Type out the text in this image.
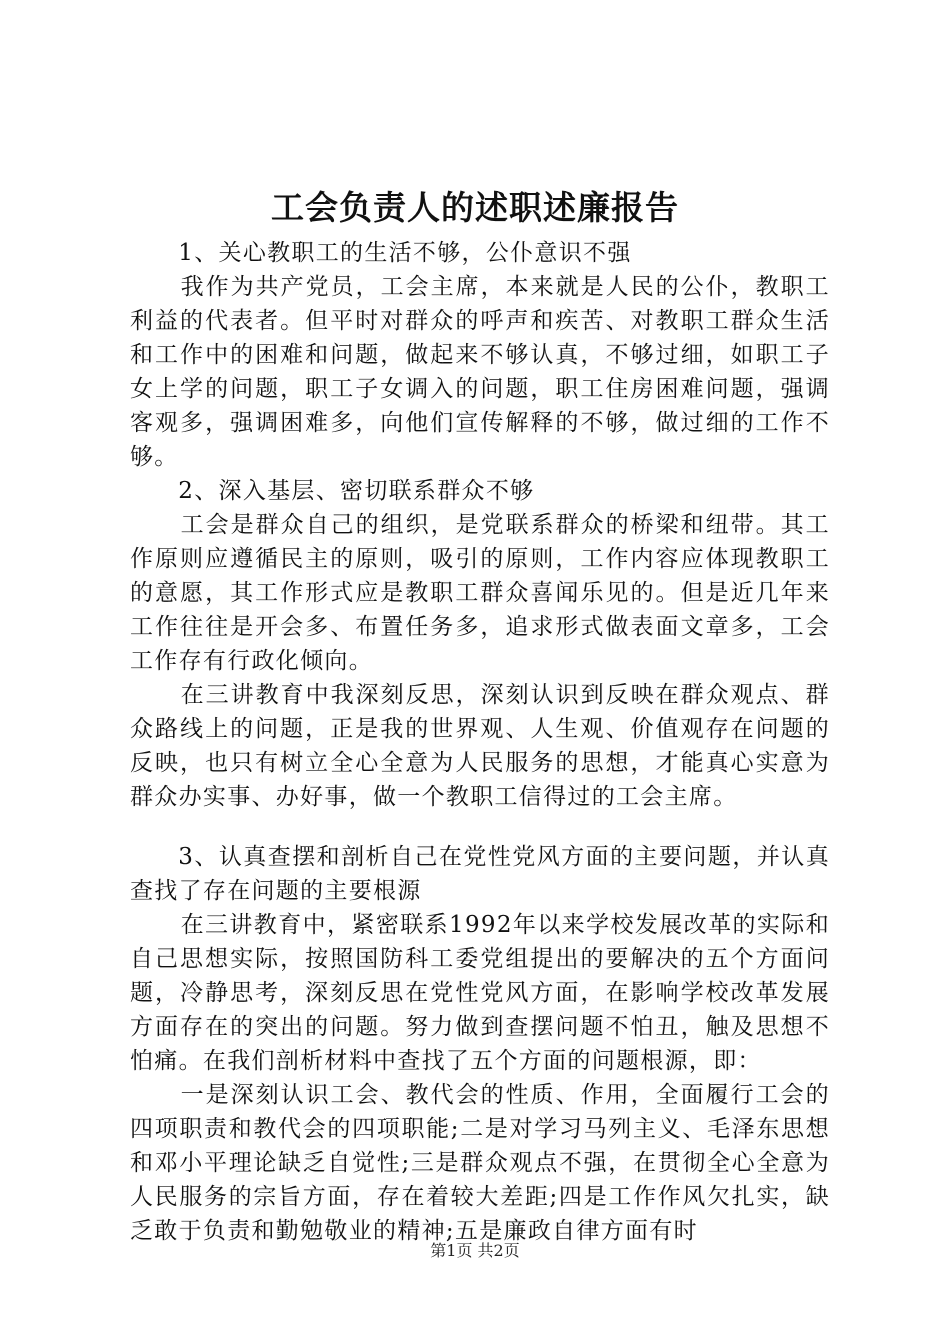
工会负责人的述职述廉报告

1、关心教职工的生活不够，公仆意识不强

我作为共产党员，工会主席，本来就是人民的公仆，教职工利益的代表者。但平时对群众的呼声和疾苦、对教职工群众生活和工作中的困难和问题，做起来不够认真，不够过细，如职工子女上学的问题，职工子女调入的问题，职工住房困难问题，强调客观多，强调困难多，向他们宣传解释的不够，做过细的工作不够。

2、深入基层、密切联系群众不够

工会是群众自己的组织，是党联系群众的桥梁和纽带。其工作原则应遵循民主的原则，吸引的原则，工作内容应体现教职工的意愿，其工作形式应是教职工群众喜闻乐见的。但是近几年来工作往往是开会多、布置任务多，追求形式做表面文章多，工会工作存有行政化倾向。

在三讲教育中我深刻反思，深刻认识到反映在群众观点、群众路线上的问题，正是我的世界观、人生观、价值观存在问题的反映，也只有树立全心全意为人民服务的思想，才能真心实意为群众办实事、办好事，做一个教职工信得过的工会主席。

3、认真查摆和剖析自己在党性党风方面的主要问题，并认真查找了存在问题的主要根源

在三讲教育中，紧密联系1992年以来学校发展改革的实际和自己思想实际，按照国防科工委党组提出的要解决的五个方面问题，冷静思考，深刻反思在党性党风方面，在影响学校改革发展方面存在的突出的问题。努力做到查摆问题不怕丑，触及思想不怕痛。在我们剖析材料中查找了五个方面的问题根源，即：

一是深刻认识工会、教代会的性质、作用，全面履行工会的四项职责和教代会的四项职能;二是对学习马列主义、毛泽东思想和邓小平理论缺乏自觉性;三是群众观点不强，在贯彻全心全意为人民服务的宗旨方面，存在着较大差距;四是工作作风欠扎实，缺乏敢于负责和勤勉敬业的精神;五是廉政自律方面有时

第1页 共2页
